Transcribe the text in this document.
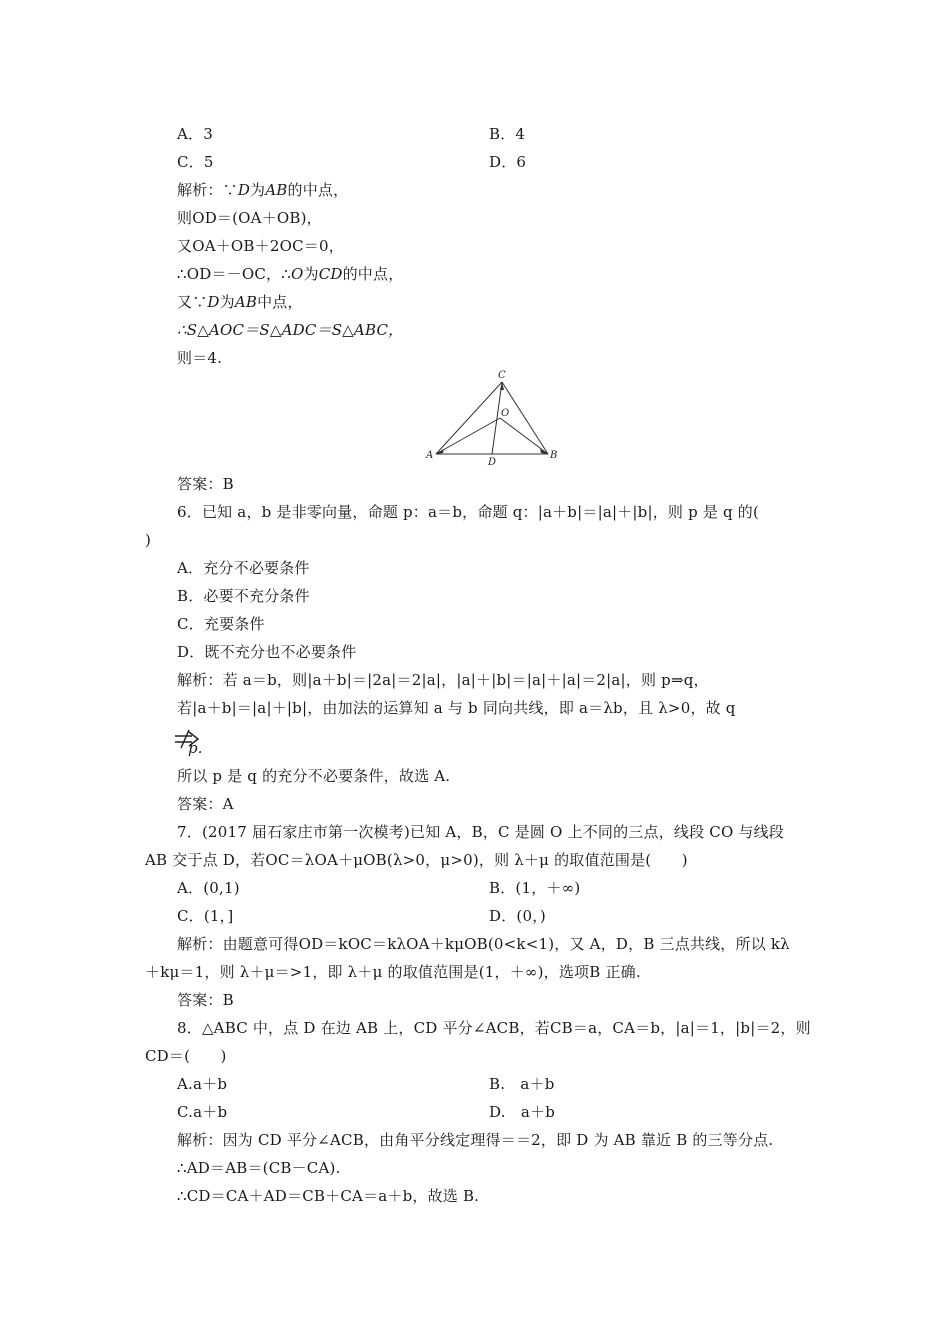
A．3	B．4
C．5	D．6
解析：∵D为AB的中点，
则OD＝(OA＋OB)，
又OA＋OB＋2OC＝0，
∴OD＝－OC，∴O为CD的中点，
又∵D为AB中点，
∴S△AOC＝S△ADC＝S△ABC，
则＝4.
C
O
A
D
B
答案：B
6．已知 a，b 是非零向量，命题 p：a＝b，命题 q：|a＋b|＝|a|＋|b|，则 p 是 q 的(
)
A．充分不必要条件
B．必要不充分条件
C．充要条件
D．既不充分也不必要条件
解析：若 a＝b，则|a＋b|＝|2a|＝2|a|，|a|＋|b|＝|a|＋|a|＝2|a|，则 p⇒q，
若|a＋b|＝|a|＋|b|，由加法的运算知 a 与 b 同向共线，即 a＝λb，且 λ>0，故 q
p.
所以 p 是 q 的充分不必要条件，故选 A.
答案：A
7．(2017 届石家庄市第一次模考)已知 A，B，C 是圆 O 上不同的三点，线段 CO 与线段
AB 交于点 D，若OC＝λOA＋μOB(λ>0，μ>0)，则 λ＋μ 的取值范围是(　　)
A．(0,1)	B．(1，＋∞)
C．(1，]	D．(0，)
解析：由题意可得OD＝kOC＝kλOA＋kμOB(0<k<1)，又 A，D，B 三点共线，所以 kλ
＋kμ＝1，则 λ＋μ＝>1，即 λ＋μ 的取值范围是(1，＋∞)，选项B 正确.
答案：B
8．△ABC 中，点 D 在边 AB 上，CD 平分∠ACB，若CB＝a，CA＝b，|a|＝1，|b|＝2，则
CD＝(　　)
A.a＋b	B.　a＋b
C.a＋b	D.　a＋b
解析：因为 CD 平分∠ACB，由角平分线定理得＝＝2，即 D 为 AB 靠近 B 的三等分点.
∴AD＝AB＝(CB－CA).
∴CD＝CA＋AD＝CB＋CA＝a＋b，故选 B.
